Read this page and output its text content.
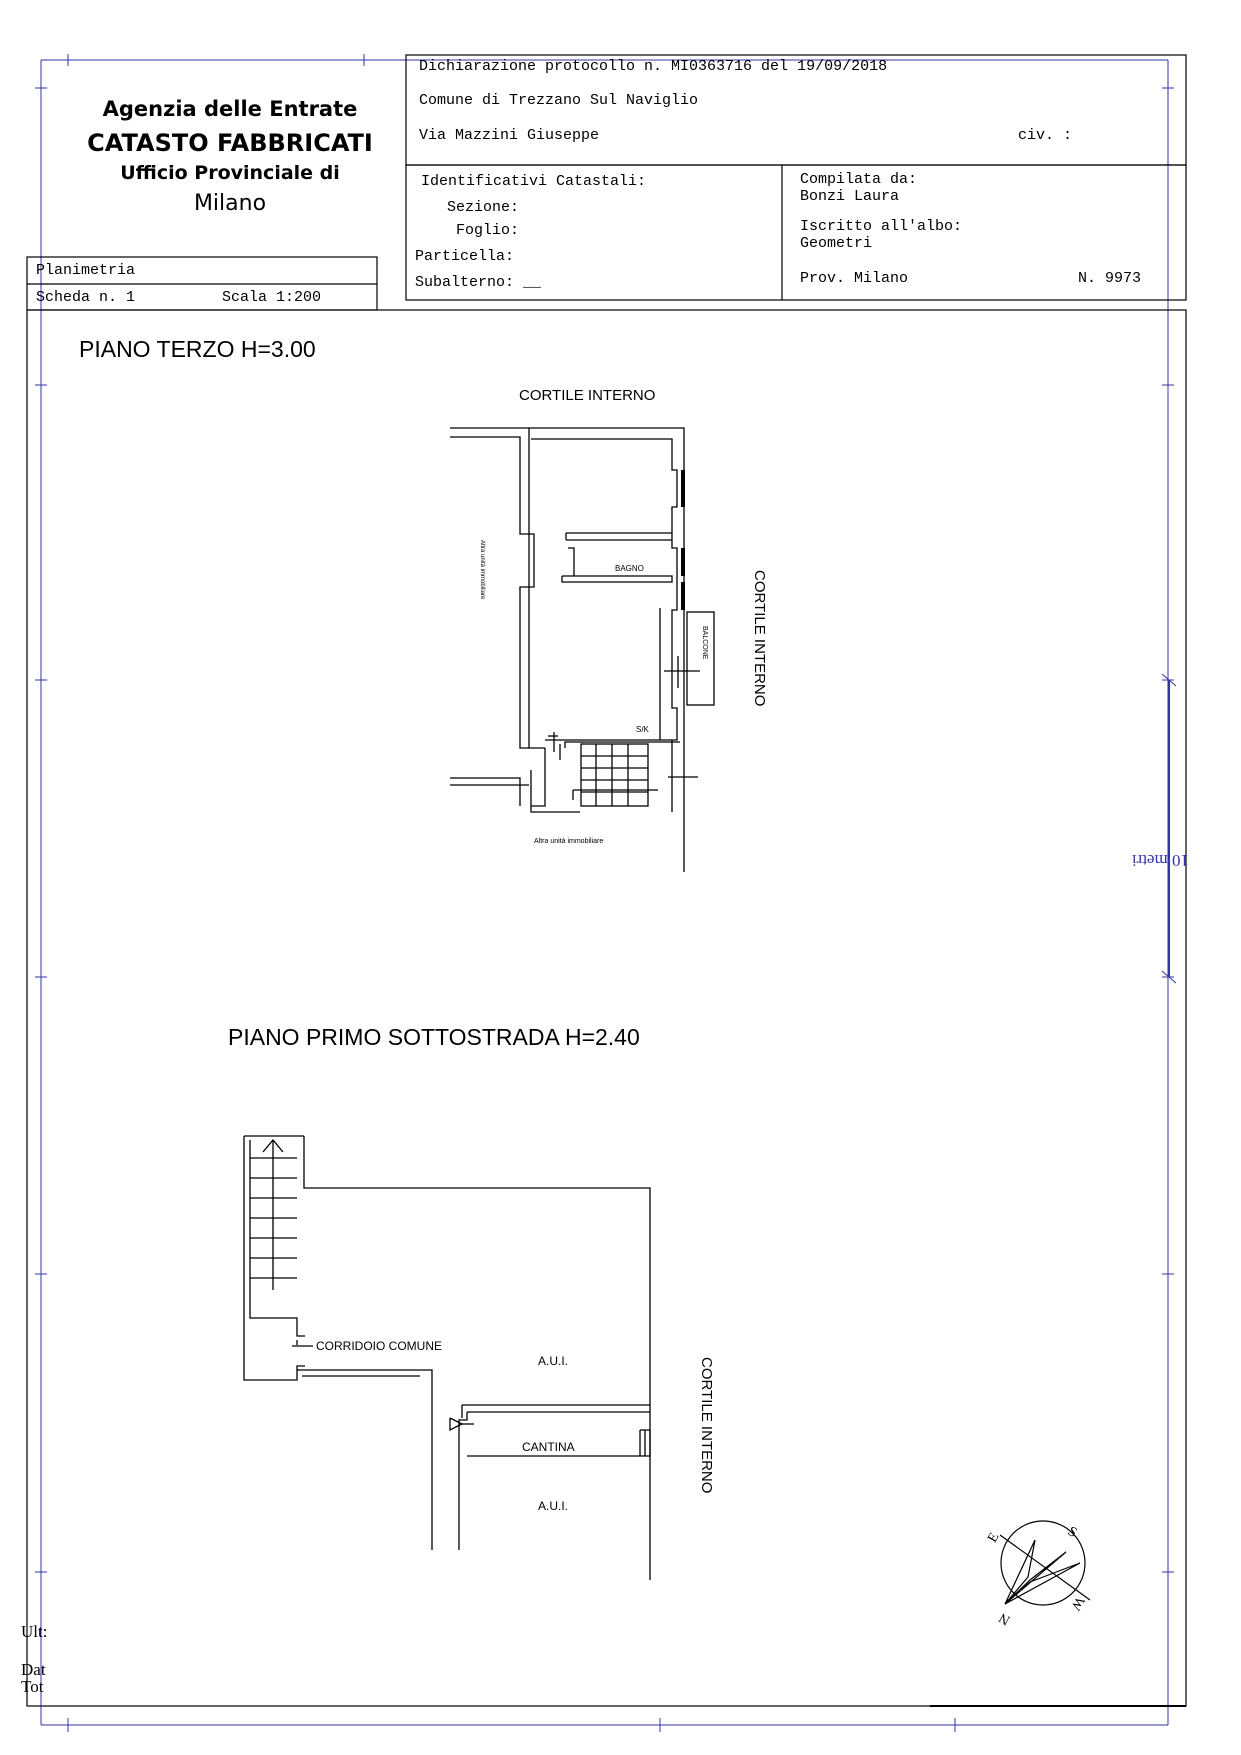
Agenzia delle Entrate
CATASTO FABBRICATI
Ufficio Provinciale di
Milano
Planimetria
Scheda n. 1	Scala 1:200
Dichiarazione protocollo n. MI0363716 del 19/09/2018
Comune di Trezzano Sul Naviglio
Via Mazzini Giuseppe	civ. :
Identificativi Catastali:
Sezione:
Foglio:
Particella:
Subalterno: __
Compilata da:
Bonzi Laura
Iscritto all'albo:
Geometri
Prov. Milano	N. 9973
PIANO TERZO H=3.00
CORTILE INTERNO
CORTILE INTERNO
BAGNO
BALCONE
S/K
Altra unità immobiliare
Altra unità immobiliare
PIANO PRIMO SOTTOSTRADA H=2.40
CORRIDOIO COMUNE
A.U.I.
CANTINA
A.U.I.
CORTILE INTERNO
10 metri
E	S
W
N
Ult:
Dat
Tot
